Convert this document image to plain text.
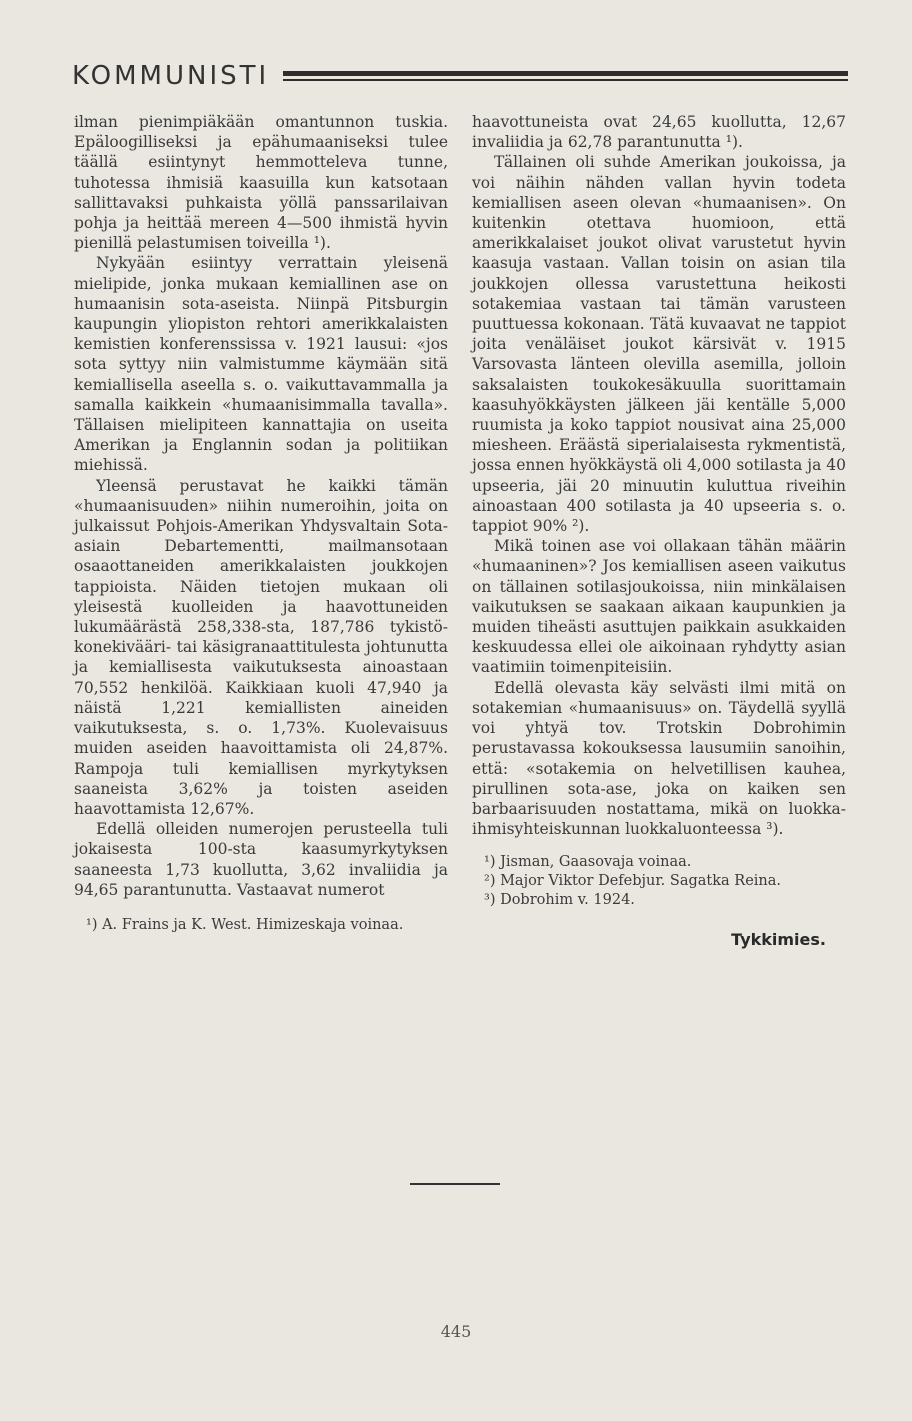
KOMMUNISTI

ilman pienimpiäkään omantunnon tuskia. Epäloogilliseksi ja epähumaaniseksi tulee täällä esiintynyt hemmotteleva tunne, tuhotessa ihmisiä kaasuilla kun katsotaan sallittavaksi puhkaista yöllä panssarilaivan pohja ja heittää mereen 4—500 ihmistä hyvin pienillä pelastumisen toiveilla ¹).

Nykyään esiintyy verrattain yleisenä mielipide, jonka mukaan kemiallinen ase on humaanisin sota-aseista. Niinpä Pitsburgin kaupungin yliopiston rehtori amerikkalaisten kemistien konferenssissa v. 1921 lausui: «jos sota syttyy niin valmistumme käymään sitä kemiallisella aseella s. o. vaikuttavammalla ja samalla kaikkein «humaanisimmalla tavalla». Tällaisen mielipiteen kannattajia on useita Amerikan ja Englannin sodan ja politiikan miehissä.

Yleensä perustavat he kaikki tämän «humaanisuuden» niihin numeroihin, joita on julkaissut Pohjois-Amerikan Yhdysvaltain Sota-asiain Debartementti, mailmansotaan osaaottaneiden amerikkalaisten joukkojen tappioista. Näiden tietojen mukaan oli yleisestä kuolleiden ja haavottuneiden lukumäärästä 258,338-sta, 187,786 tykistö- konekivääri- tai käsigranaattitulesta johtunutta ja kemiallisesta vaikutuksesta ainoastaan 70,552 henkilöä. Kaikkiaan kuoli 47,940 ja näistä 1,221 kemiallisten aineiden vaikutuksesta, s. o. 1,73%. Kuolevaisuus muiden aseiden haavoittamista oli 24,87%. Rampoja tuli kemiallisen myrkytyksen saaneista 3,62% ja toisten aseiden haavottamista 12,67%.

Edellä olleiden numerojen perusteella tuli jokaisesta 100-sta kaasumyrkytyksen saaneesta 1,73 kuollutta, 3,62 invaliidia ja 94,65 parantunutta. Vastaavat numerot

¹) A. Frains ja K. West. Himizeskaja voinaa.

haavottuneista ovat 24,65 kuollutta, 12,67 invaliidia ja 62,78 parantunutta ¹).

Tällainen oli suhde Amerikan joukoissa, ja voi näihin nähden vallan hyvin todeta kemiallisen aseen olevan «humaanisen». On kuitenkin otettava huomioon, että amerikkalaiset joukot olivat varustetut hyvin kaasuja vastaan. Vallan toisin on asian tila joukkojen ollessa varustettuna heikosti sotakemiaa vastaan tai tämän varusteen puuttuessa kokonaan. Tätä kuvaavat ne tappiot joita venäläiset joukot kärsivät v. 1915 Varsovasta länteen olevilla asemilla, jolloin saksalaisten toukokesäkuulla suorittamain kaasuhyökkäysten jälkeen jäi kentälle 5,000 ruumista ja koko tappiot nousivat aina 25,000 miesheen. Eräästä siperialaisesta rykmentistä, jossa ennen hyökkäystä oli 4,000 sotilasta ja 40 upseeria, jäi 20 minuutin kuluttua riveihin ainoastaan 400 sotilasta ja 40 upseeria s. o. tappiot 90% ²).

Mikä toinen ase voi ollakaan tähän määrin «humaaninen»? Jos kemiallisen aseen vaikutus on tällainen sotilasjoukoissa, niin minkälaisen vaikutuksen se saakaan aikaan kaupunkien ja muiden tiheästi asuttujen paikkain asukkaiden keskuudessa ellei ole aikoinaan ryhdytty asian vaatimiin toimenpiteisiin.

Edellä olevasta käy selvästi ilmi mitä on sotakemian «humaanisuus» on. Täydellä syyllä voi yhtyä tov. Trotskin Dobrohimin perustavassa kokouksessa lausumiin sanoihin, että: «sotakemia on helvetillisen kauhea, pirullinen sota-ase, joka on kaiken sen barbaarisuuden nostattama, mikä on luokka-ihmisyhteiskunnan luokkaluonteessa ³).

¹) Jisman, Gaasovaja voinaa.
²) Major Viktor Defebjur. Sagatka Reina.
³) Dobrohim v. 1924.
Tykkimies.
445
